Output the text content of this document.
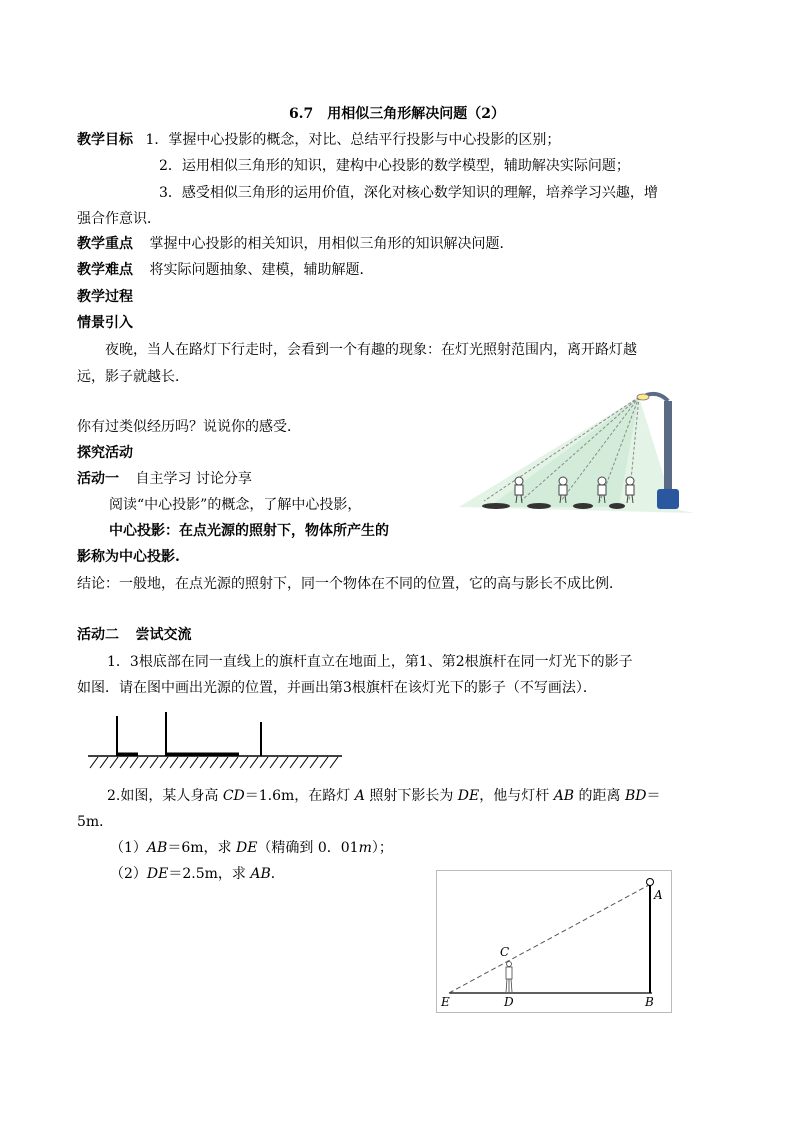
6.7　用相似三角形解决问题（2）
教学目标 1．掌握中心投影的概念，对比、总结平行投影与中心投影的区别；
2．运用相似三角形的知识，建构中心投影的数学模型，辅助解决实际问题；
3．感受相似三角形的运用价值，深化对核心数学知识的理解，培养学习兴趣，增
强合作意识．
教学重点 掌握中心投影的相关知识，用相似三角形的知识解决问题．
教学难点 将实际问题抽象、建模，辅助解题．
教学过程
情景引入
夜晚，当人在路灯下行走时，会看到一个有趣的现象：在灯光照射范围内，离开路灯越
远，影子就越长．
你有过类似经历吗？说说你的感受．
探究活动
活动一 自主学习 讨论分享
阅读“中心投影”的概念，了解中心投影，
中心投影：在点光源的照射下，物体所产生的
影称为中心投影.
结论：一般地，在点光源的照射下，同一个物体在不同的位置，它的高与影长不成比例．
活动二 尝试交流
1．3根底部在同一直线上的旗杆直立在地面上，第1、第2根旗杆在同一灯光下的影子
如图．请在图中画出光源的位置，并画出第3根旗杆在该灯光下的影子（不写画法）．
2.如图，某人身高 CD＝1.6m，在路灯 A 照射下影长为 DE，他与灯杆 AB 的距离 BD＝
5m．
（1）AB＝6m，求 DE（精确到 0．01m）；
（2）DE＝2.5m，求 AB．
A
B
C
D
E
